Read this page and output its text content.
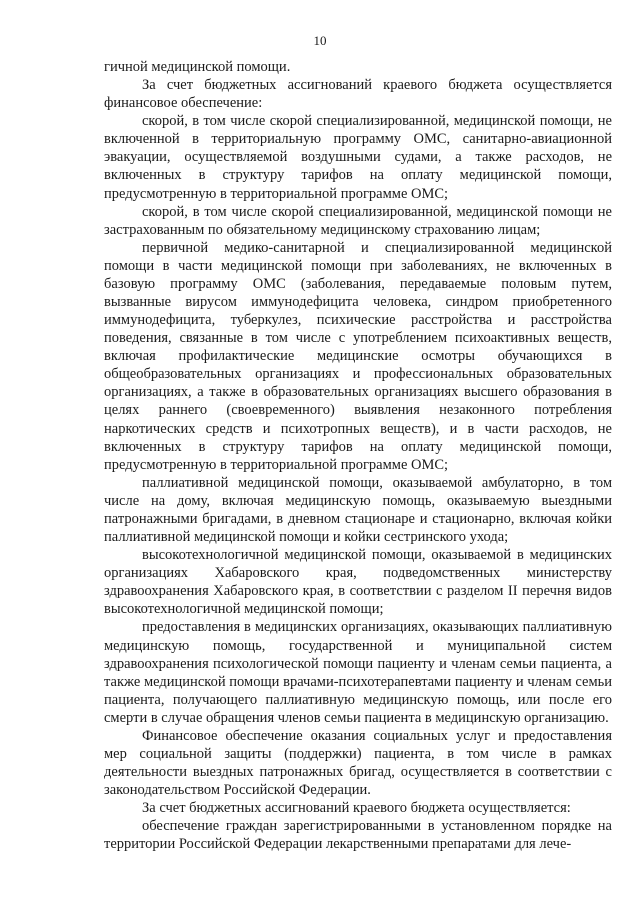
10

гичной медицинской помощи.

За счет бюджетных ассигнований краевого бюджета осуществляется финансовое обеспечение:

скорой, в том числе скорой специализированной, медицинской помощи, не включенной в территориальную программу ОМС, санитарно-авиационной эвакуации, осуществляемой воздушными судами, а также расходов, не включенных в структуру тарифов на оплату медицинской помощи, предусмотренную в территориальной программе ОМС;

скорой, в том числе скорой специализированной, медицинской помощи не застрахованным по обязательному медицинскому страхованию лицам;

первичной медико-санитарной и специализированной медицинской помощи в части медицинской помощи при заболеваниях, не включенных в базовую программу ОМС (заболевания, передаваемые половым путем, вызванные вирусом иммунодефицита человека, синдром приобретенного иммунодефицита, туберкулез, психические расстройства и расстройства поведения, связанные в том числе с употреблением психоактивных веществ, включая профилактические медицинские осмотры обучающихся в общеобразовательных организациях и профессиональных образовательных организациях, а также в образовательных организациях высшего образования в целях раннего (своевременного) выявления незаконного потребления наркотических средств и психотропных веществ), и в части расходов, не включенных в структуру тарифов на оплату медицинской помощи, предусмотренную в территориальной программе ОМС;

паллиативной медицинской помощи, оказываемой амбулаторно, в том числе на дому, включая медицинскую помощь, оказываемую выездными патронажными бригадами, в дневном стационаре и стационарно, включая койки паллиативной медицинской помощи и койки сестринского ухода;

высокотехнологичной медицинской помощи, оказываемой в медицинских организациях Хабаровского края, подведомственных министерству здравоохранения Хабаровского края, в соответствии с разделом II перечня видов высокотехнологичной медицинской помощи;

предоставления в медицинских организациях, оказывающих паллиативную медицинскую помощь, государственной и муниципальной систем здравоохранения психологической помощи пациенту и членам семьи пациента, а также медицинской помощи врачами-психотерапевтами пациенту и членам семьи пациента, получающего паллиативную медицинскую помощь, или после его смерти в случае обращения членов семьи пациента в медицинскую организацию.

Финансовое обеспечение оказания социальных услуг и предоставления мер социальной защиты (поддержки) пациента, в том числе в рамках деятельности выездных патронажных бригад, осуществляется в соответствии с законодательством Российской Федерации.

За счет бюджетных ассигнований краевого бюджета осуществляется:

обеспечение граждан зарегистрированными в установленном порядке на территории Российской Федерации лекарственными препаратами для лече-
